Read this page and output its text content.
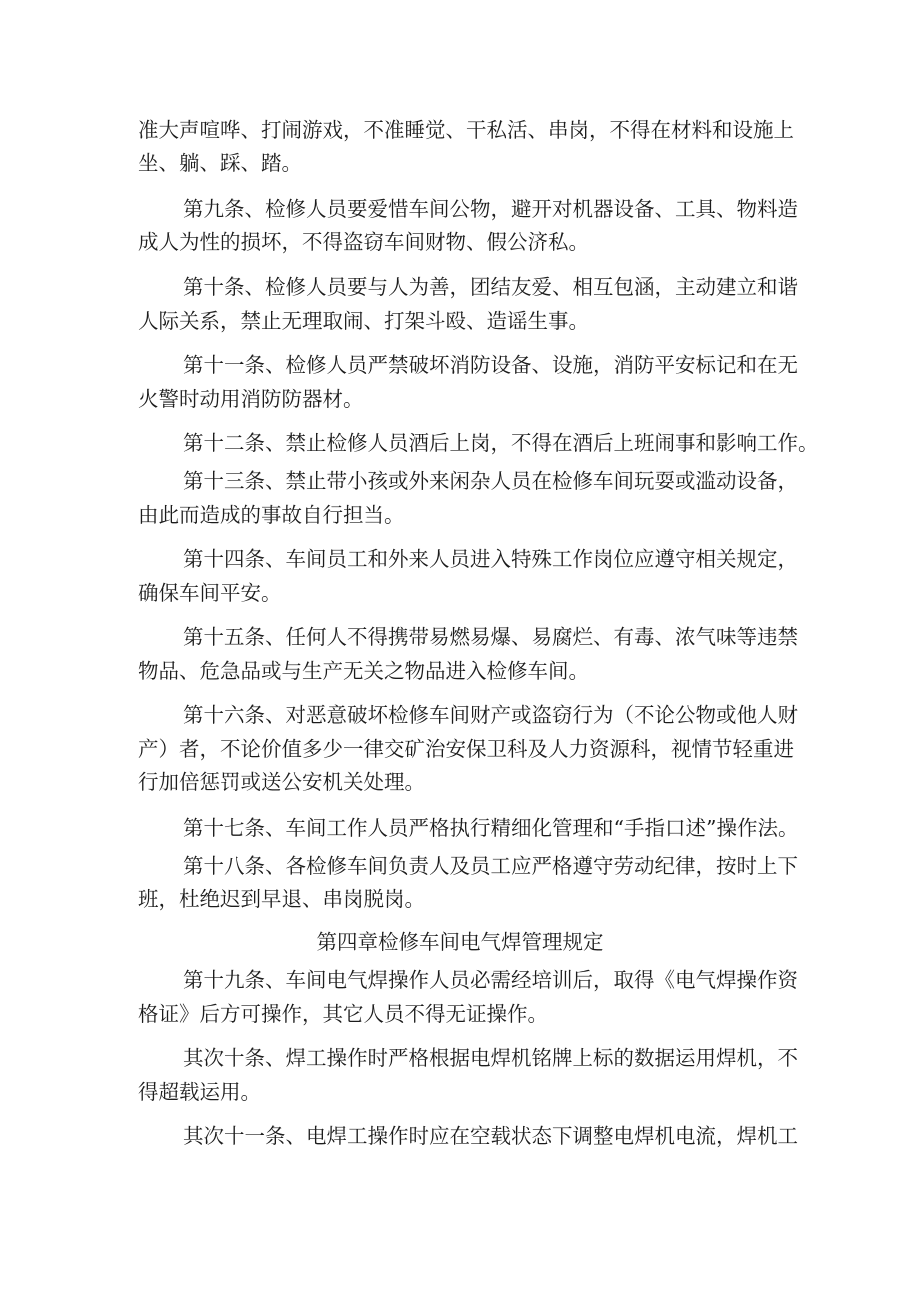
准大声喧哗、打闹游戏，不准睡觉、干私活、串岗，不得在材料和设施上
坐、躺、踩、踏。
第九条、检修人员要爱惜车间公物，避开对机器设备、工具、物料造
成人为性的损坏，不得盗窃车间财物、假公济私。
第十条、检修人员要与人为善，团结友爱、相互包涵，主动建立和谐
人际关系，禁止无理取闹、打架斗殴、造谣生事。
第十一条、检修人员严禁破坏消防设备、设施，消防平安标记和在无
火警时动用消防防器材。
第十二条、禁止检修人员酒后上岗，不得在酒后上班闹事和影响工作。
第十三条、禁止带小孩或外来闲杂人员在检修车间玩耍或滥动设备，
由此而造成的事故自行担当。
第十四条、车间员工和外来人员进入特殊工作岗位应遵守相关规定，
确保车间平安。
第十五条、任何人不得携带易燃易爆、易腐烂、有毒、浓气味等违禁
物品、危急品或与生产无关之物品进入检修车间。
第十六条、对恶意破坏检修车间财产或盗窃行为（不论公物或他人财
产）者，不论价值多少一律交矿治安保卫科及人力资源科，视情节轻重进
行加倍惩罚或送公安机关处理。
第十七条、车间工作人员严格执行精细化管理和“手指口述”操作法。
第十八条、各检修车间负责人及员工应严格遵守劳动纪律，按时上下
班，杜绝迟到早退、串岗脱岗。
第四章检修车间电气焊管理规定
第十九条、车间电气焊操作人员必需经培训后，取得《电气焊操作资
格证》后方可操作，其它人员不得无证操作。
其次十条、焊工操作时严格根据电焊机铭牌上标的数据运用焊机，不
得超载运用。
其次十一条、电焊工操作时应在空载状态下调整电焊机电流，焊机工
